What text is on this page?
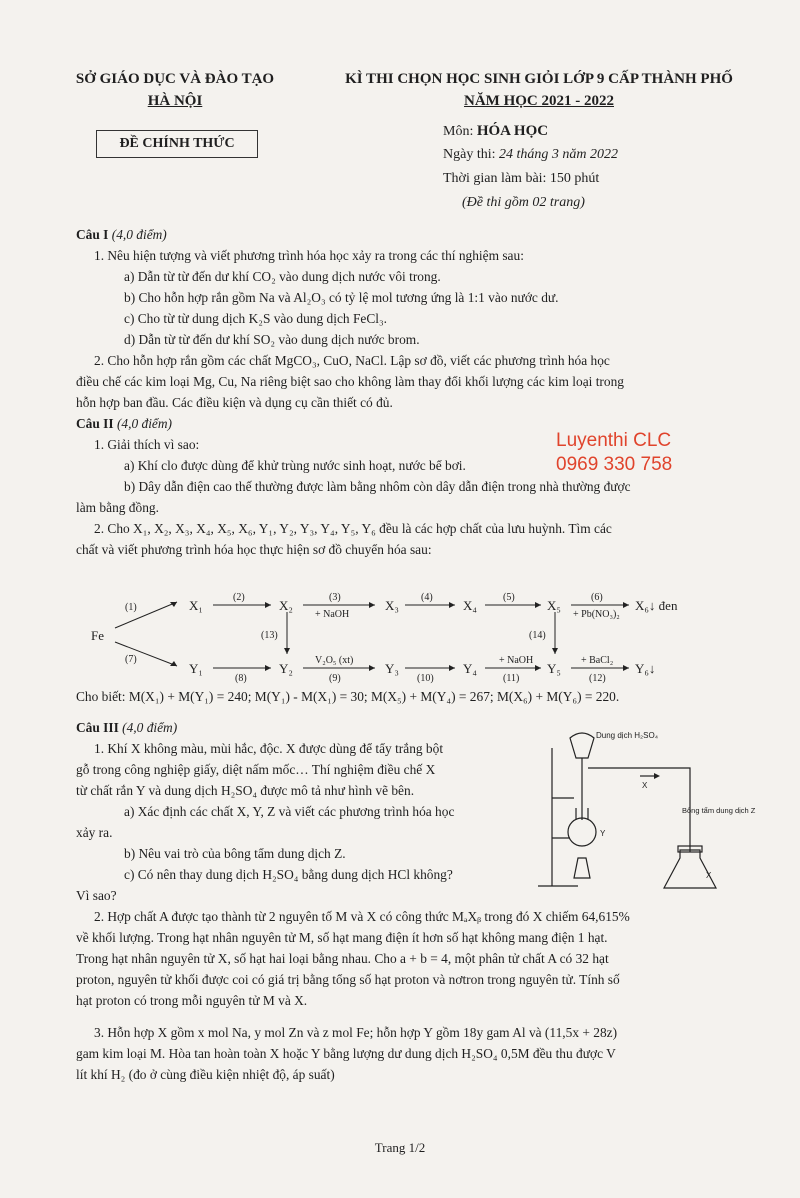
SỞ GIÁO DỤC VÀ ĐÀO TẠO
HÀ NỘI
ĐỀ CHÍNH THỨC
KÌ THI CHỌN HỌC SINH GIỎI LỚP 9 CẤP THÀNH PHỐ
NĂM HỌC 2021 - 2022
Môn: HÓA HỌC
Ngày thi: 24 tháng 3 năm 2022
Thời gian làm bài: 150 phút
(Đề thi gồm 02 trang)
Câu I (4,0 điểm)
1. Nêu hiện tượng và viết phương trình hóa học xảy ra trong các thí nghiệm sau:
a) Dẫn từ từ đến dư khí CO₂ vào dung dịch nước vôi trong.
b) Cho hỗn hợp rắn gồm Na và Al₂O₃ có tỷ lệ mol tương ứng là 1:1 vào nước dư.
c) Cho từ từ dung dịch K₂S vào dung dịch FeCl₃.
d) Dẫn từ từ đến dư khí SO₂ vào dung dịch nước brom.
2. Cho hỗn hợp rắn gồm các chất MgCO₃, CuO, NaCl. Lập sơ đồ, viết các phương trình hóa học
điều chế các kim loại Mg, Cu, Na riêng biệt sao cho không làm thay đổi khối lượng các kim loại trong
hỗn hợp ban đầu. Các điều kiện và dụng cụ cần thiết có đủ.
Luyenthi CLC
0969 330 758
Câu II (4,0 điểm)
1. Giải thích vì sao:
a) Khí clo được dùng để khử trùng nước sinh hoạt, nước bể bơi.
b) Dây dẫn điện cao thế thường được làm bằng nhôm còn dây dẫn điện trong nhà thường được
làm bằng đồng.
2. Cho X₁, X₂, X₃, X₄, X₅, X₆, Y₁, Y₂, Y₃, Y₄, Y₅, Y₆ đều là các hợp chất của lưu huỳnh. Tìm các
chất và viết phương trình hóa học thực hiện sơ đồ chuyển hóa sau:
Fe
X₁	X₂	X₃	X₄	X₅	X₆↓ đen
Y₁	Y₂	Y₃	Y₄	Y₅	Y₆↓
(1)
(2)	(3)
+ NaOH
(4)	(5)	(6)
+ Pb(NO₃)₂
(7)
(8)
V₂O₅ (xt)
(9)	(10)
+ NaOH
(11)
+ BaCl₂
(12)
(13)	(14)
Cho biết: M(X₁) + M(Y₁) = 240; M(Y₁) - M(X₁) = 30; M(X₅) + M(Y₄) = 267; M(X₆) + M(Y₆) = 220.
Câu III (4,0 điểm)
1. Khí X không màu, mùi hắc, độc. X được dùng để tẩy trắng bột
gỗ trong công nghiệp giấy, diệt nấm mốc… Thí nghiệm điều chế X
từ chất rắn Y và dung dịch H₂SO₄ được mô tả như hình vẽ bên.
a) Xác định các chất X, Y, Z và viết các phương trình hóa học
xảy ra.
b) Nêu vai trò của bông tẩm dung dịch Z.
c) Có nên thay dung dịch H₂SO₄ bằng dung dịch HCl không?
Vì sao?
Dung dịch H₂SO₄
X
Y
X
Bông tẩm dung dịch Z
2. Hợp chất A được tạo thành từ 2 nguyên tố M và X có công thức MₐXᵦ trong đó X chiếm 64,615%
về khối lượng. Trong hạt nhân nguyên tử M, số hạt mang điện ít hơn số hạt không mang điện 1 hạt.
Trong hạt nhân nguyên tử X, số hạt hai loại bằng nhau. Cho a + b = 4, một phân tử chất A có 32 hạt
proton, nguyên tử khối được coi có giá trị bằng tổng số hạt proton và nơtron trong nguyên tử. Tính số
hạt proton có trong mỗi nguyên tử M và X.
3. Hỗn hợp X gồm x mol Na, y mol Zn và z mol Fe; hỗn hợp Y gồm 18y gam Al và (11,5x + 28z)
gam kim loại M. Hòa tan hoàn toàn X hoặc Y bằng lượng dư dung dịch H₂SO₄ 0,5M đều thu được V
lít khí H₂ (đo ở cùng điều kiện nhiệt độ, áp suất)
Trang 1/2
